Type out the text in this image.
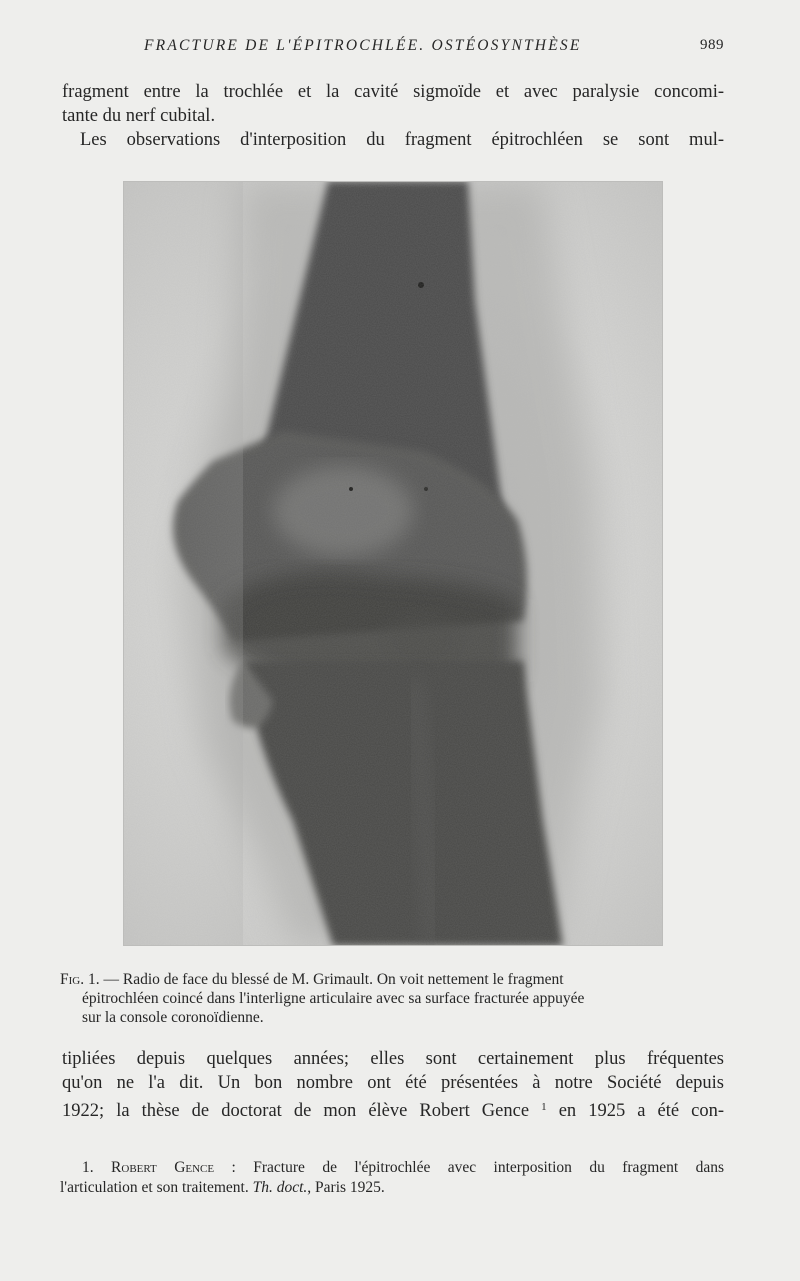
FRACTURE DE L'ÉPITROCHLÉE. OSTÉOSYNTHÈSE	989
fragment entre la trochlée et la cavité sigmoïde et avec paralysie concomi-
tante du nerf cubital.
Les observations d'interposition du fragment épitrochléen se sont mul-
Fig. 1. — Radio de face du blessé de M. Grimault. On voit nettement le fragment
épitrochléen coincé dans l'interligne articulaire avec sa surface fracturée appuyée
sur la console coronoïdienne.
tipliées depuis quelques années; elles sont certainement plus fréquentes
qu'on ne l'a dit. Un bon nombre ont été présentées à notre Société depuis
1922; la thèse de doctorat de mon élève Robert Gence $^1$ en 1925 a été con-
1. Robert Gence : Fracture de l'épitrochlée avec interposition du fragment dans
l'articulation et son traitement. Th. doct., Paris 1925.
